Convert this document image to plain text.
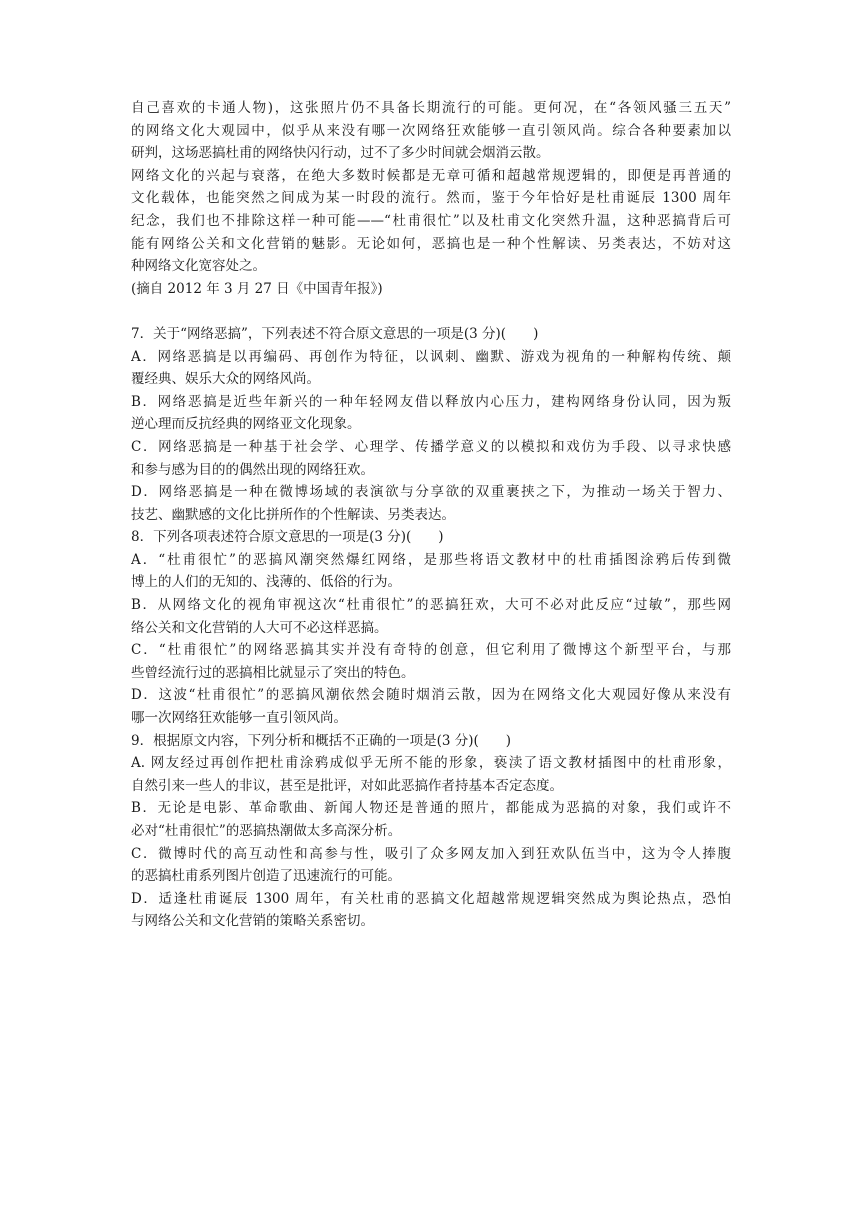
自己喜欢的卡通人物)，这张照片仍不具备长期流行的可能。更何况，在“各领风骚三五天”
的网络文化大观园中，似乎从来没有哪一次网络狂欢能够一直引领风尚。综合各种要素加以
研判，这场恶搞杜甫的网络快闪行动，过不了多少时间就会烟消云散。
网络文化的兴起与衰落，在绝大多数时候都是无章可循和超越常规逻辑的，即便是再普通的
文化载体，也能突然之间成为某一时段的流行。然而，鉴于今年恰好是杜甫诞辰 1300 周年
纪念，我们也不排除这样一种可能——“杜甫很忙”以及杜甫文化突然升温，这种恶搞背后可
能有网络公关和文化营销的魅影。无论如何，恶搞也是一种个性解读、另类表达，不妨对这
种网络文化宽容处之。
(摘自 2012 年 3 月 27 日《中国青年报》)
7．关于“网络恶搞”，下列表述不符合原文意思的一项是(3 分)(　　)
A．网络恶搞是以再编码、再创作为特征，以讽刺、幽默、游戏为视角的一种解构传统、颠
覆经典、娱乐大众的网络风尚。
B．网络恶搞是近些年新兴的一种年轻网友借以释放内心压力，建构网络身份认同，因为叛
逆心理而反抗经典的网络亚文化现象。
C．网络恶搞是一种基于社会学、心理学、传播学意义的以模拟和戏仿为手段、以寻求快感
和参与感为目的的偶然出现的网络狂欢。
D．网络恶搞是一种在微博场域的表演欲与分享欲的双重裹挟之下，为推动一场关于智力、
技艺、幽默感的文化比拼所作的个性解读、另类表达。
8．下列各项表述符合原文意思的一项是(3 分)(　　)
A．“杜甫很忙”的恶搞风潮突然爆红网络，是那些将语文教材中的杜甫插图涂鸦后传到微
博上的人们的无知的、浅薄的、低俗的行为。
B．从网络文化的视角审视这次“杜甫很忙”的恶搞狂欢，大可不必对此反应“过敏”，那些网
络公关和文化营销的人大可不必这样恶搞。
C．“杜甫很忙”的网络恶搞其实并没有奇特的创意，但它利用了微博这个新型平台，与那
些曾经流行过的恶搞相比就显示了突出的特色。
D．这波“杜甫很忙”的恶搞风潮依然会随时烟消云散，因为在网络文化大观园好像从来没有
哪一次网络狂欢能够一直引领风尚。
9．根据原文内容，下列分析和概括不正确的一项是(3 分)(　　)
A. 网友经过再创作把杜甫涂鸦成似乎无所不能的形象，亵渎了语文教材插图中的杜甫形象，
自然引来一些人的非议，甚至是批评，对如此恶搞作者持基本否定态度。
B．无论是电影、革命歌曲、新闻人物还是普通的照片，都能成为恶搞的对象，我们或许不
必对“杜甫很忙”的恶搞热潮做太多高深分析。
C．微博时代的高互动性和高参与性，吸引了众多网友加入到狂欢队伍当中，这为令人捧腹
的恶搞杜甫系列图片创造了迅速流行的可能。
D．适逢杜甫诞辰 1300 周年，有关杜甫的恶搞文化超越常规逻辑突然成为舆论热点，恐怕
与网络公关和文化营销的策略关系密切。
